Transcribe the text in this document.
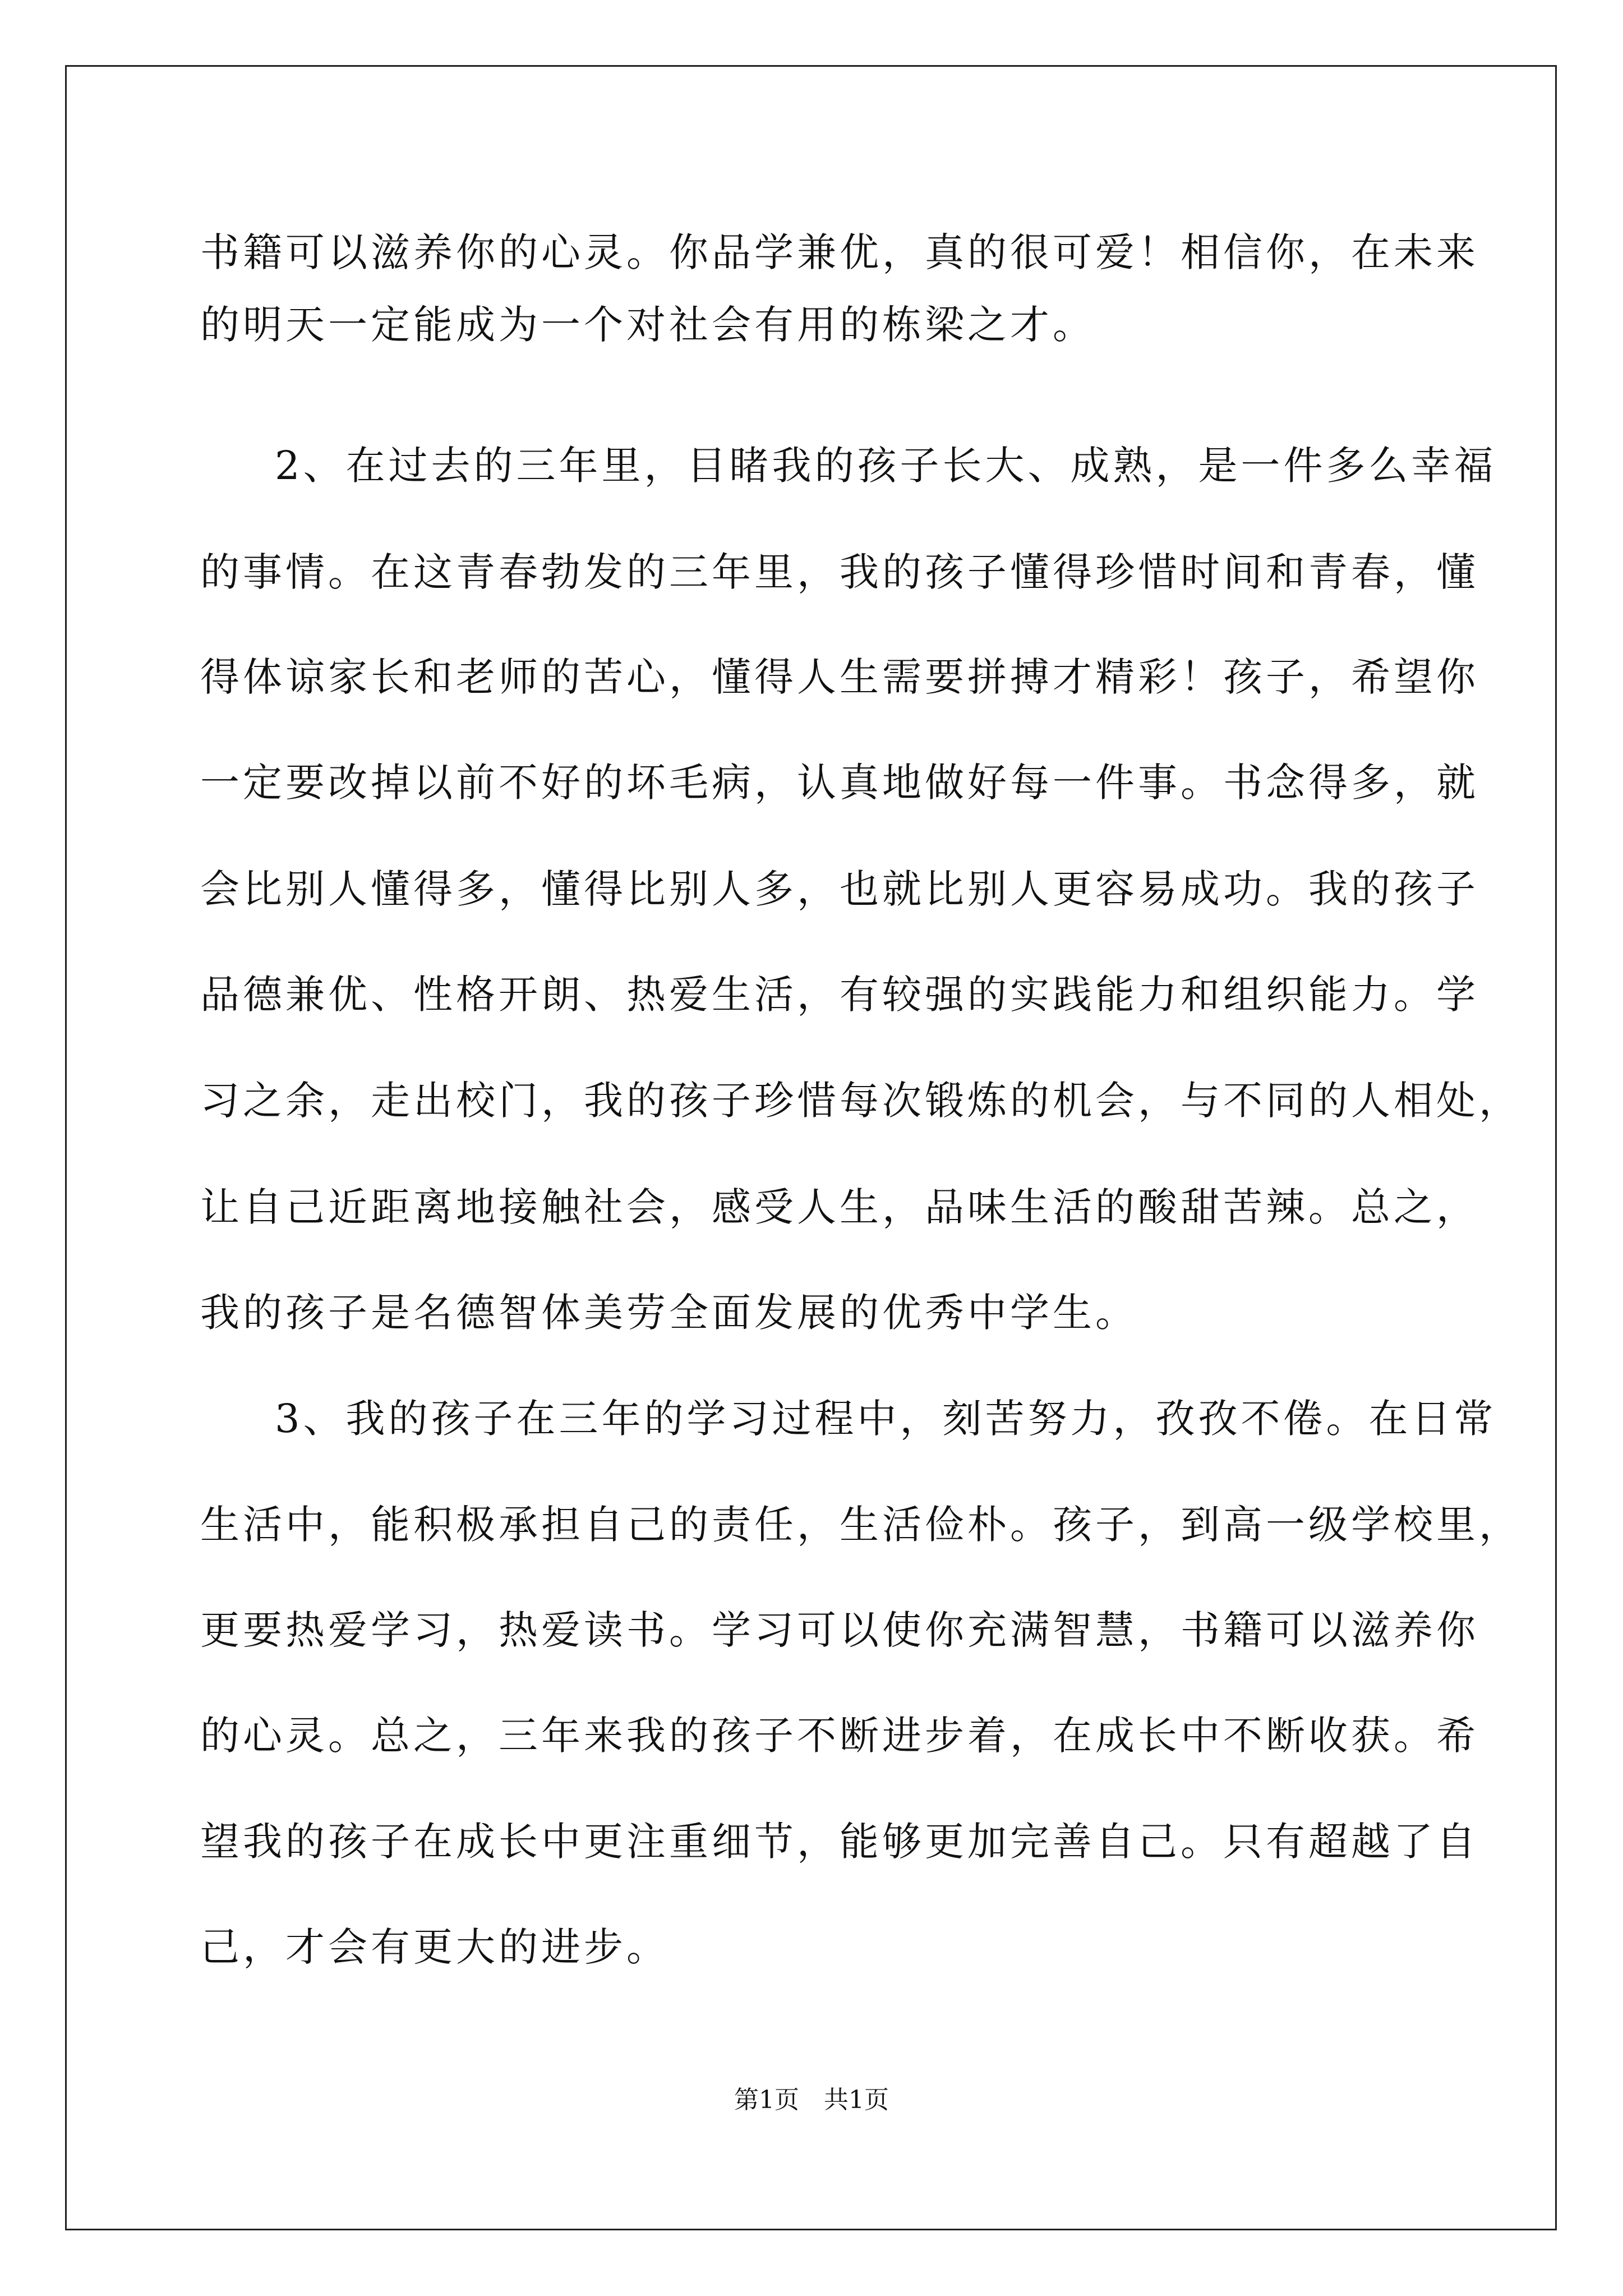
书籍可以滋养你的心灵。你品学兼优，真的很可爱！相信你，在未来
的明天一定能成为一个对社会有用的栋梁之才。
2、在过去的三年里，目睹我的孩子长大、成熟，是一件多么幸福
的事情。在这青春勃发的三年里，我的孩子懂得珍惜时间和青春，懂
得体谅家长和老师的苦心，懂得人生需要拼搏才精彩！孩子，希望你
一定要改掉以前不好的坏毛病，认真地做好每一件事。书念得多，就
会比别人懂得多，懂得比别人多，也就比别人更容易成功。我的孩子
品德兼优、性格开朗、热爱生活，有较强的实践能力和组织能力。学
习之余，走出校门，我的孩子珍惜每次锻炼的机会，与不同的人相处，
让自己近距离地接触社会，感受人生，品味生活的酸甜苦辣。总之，
我的孩子是名德智体美劳全面发展的优秀中学生。
3、我的孩子在三年的学习过程中，刻苦努力，孜孜不倦。在日常
生活中，能积极承担自己的责任，生活俭朴。孩子，到高一级学校里，
更要热爱学习，热爱读书。学习可以使你充满智慧，书籍可以滋养你
的心灵。总之，三年来我的孩子不断进步着，在成长中不断收获。希
望我的孩子在成长中更注重细节，能够更加完善自己。只有超越了自
己，才会有更大的进步。
第1页　共1页
